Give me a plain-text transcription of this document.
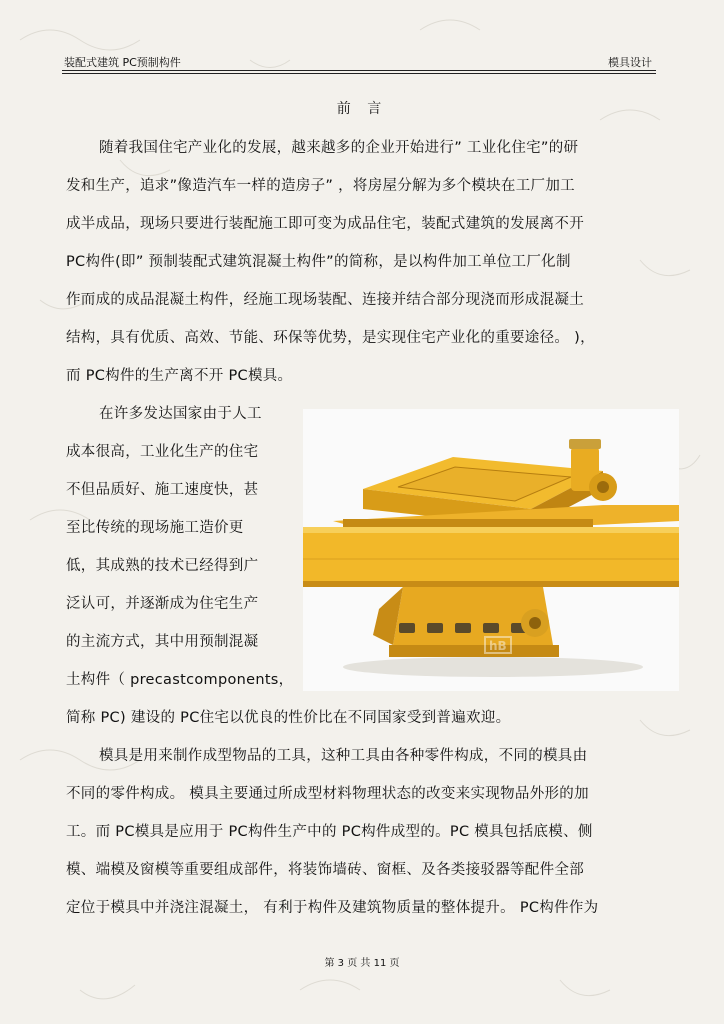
装配式建筑 PC预制构件	模具设计
前 言
随着我国住宅产业化的发展，越来越多的企业开始进行” 工业化住宅”的研
发和生产，追求”像造汽车一样的造房子” ，将房屋分解为多个模块在工厂加工
成半成品，现场只要进行装配施工即可变为成品住宅，装配式建筑的发展离不开
PC构件(即” 预制装配式建筑混凝土构件”的简称，是以构件加工单位工厂化制
作而成的成品混凝土构件，经施工现场装配、连接并结合部分现浇而形成混凝土
结构，具有优质、高效、节能、环保等优势，是实现住宅产业化的重要途径。 )，
而 PC构件的生产离不开 PC模具。
在许多发达国家由于人工
成本很高，工业化生产的住宅
不但品质好、施工速度快，甚
至比传统的现场施工造价更
低，其成熟的技术已经得到广
泛认可，并逐渐成为住宅生产
的主流方式，其中用预制混凝
土构件（ precastcomponents，
简称 PC) 建设的 PC住宅以优良的性价比在不同国家受到普遍欢迎。
模具是用来制作成型物品的工具，这种工具由各种零件构成，不同的模具由
不同的零件构成。 模具主要通过所成型材料物理状态的改变来实现物品外形的加
工。而 PC模具是应用于 PC构件生产中的 PC构件成型的。PC 模具包括底模、侧
模、端模及窗模等重要组成部件，将装饰墙砖、窗框、及各类接驳器等配件全部
定位于模具中并浇注混凝土， 有利于构件及建筑物质量的整体提升。 PC构件作为
hB
第 3 页 共 11 页
